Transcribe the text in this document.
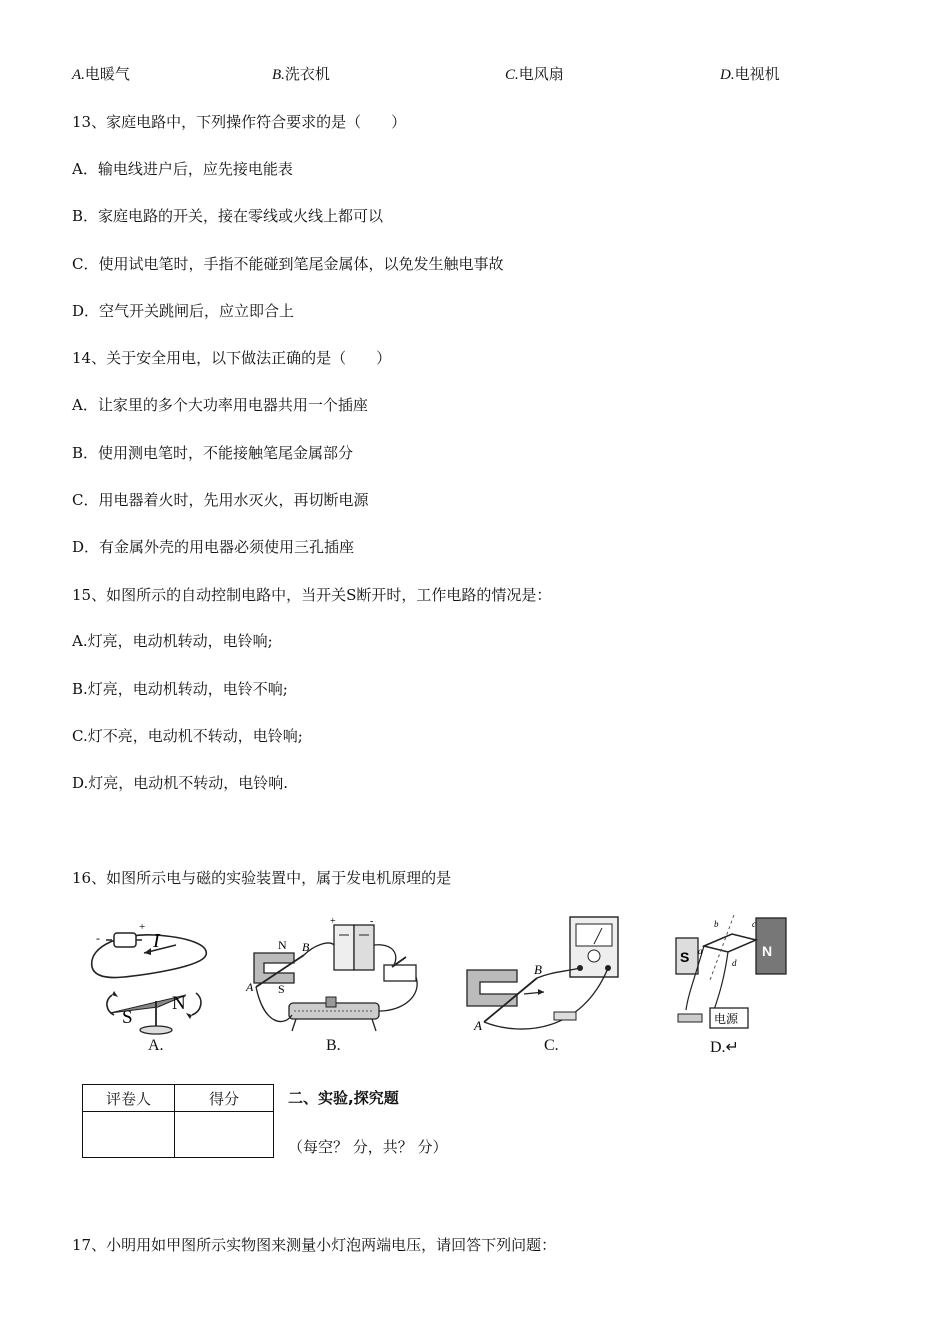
A.电暖气	B.洗衣机	C.电风扇	D.电视机
13、家庭电路中，下列操作符合要求的是（　　）
A．输电线进户后，应先接电能表
B．家庭电路的开关，接在零线或火线上都可以
C．使用试电笔时，手指不能碰到笔尾金属体，以免发生触电事故
D．空气开关跳闸后，应立即合上
14、关于安全用电，以下做法正确的是（　　）
A．让家里的多个大功率用电器共用一个插座
B．使用测电笔时，不能接触笔尾金属部分
C．用电器着火时，先用水灭火，再切断电源
D．有金属外壳的用电器必须使用三孔插座
15、如图所示的自动控制电路中，当开关S断开时，工作电路的情况是：
A.灯亮，电动机转动，电铃响;
B.灯亮，电动机转动，电铃不响;
C.灯不亮，电动机不转动，电铃响;
D.灯亮，电动机不转动，电铃响.
16、如图所示电与磁的实验装置中，属于发电机原理的是
-
+
I
S
N
A.
N B
A S
+	-
B.
B
A
C.
S	N
a
b	c
d
电源
D.↵
评卷人	得分
		二、实验,探究题
（每空？ 分，共？ 分）
17、小明用如甲图所示实物图来测量小灯泡两端电压，请回答下列问题：
